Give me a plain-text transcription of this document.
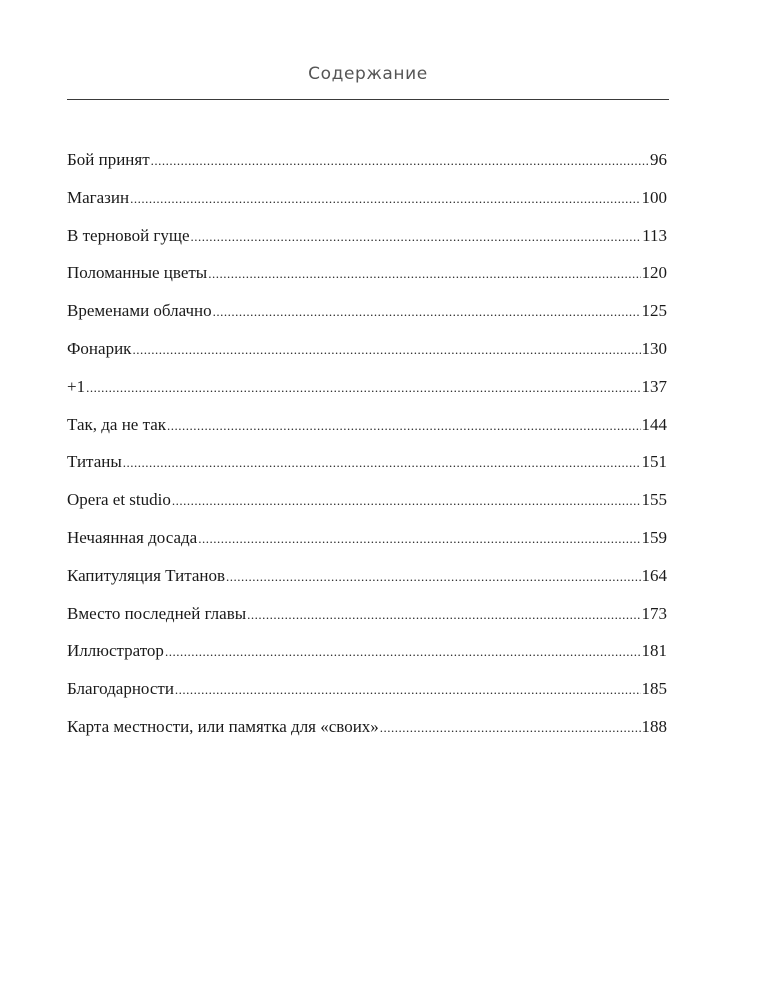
Содержание
Бой принят .....	96
Магазин .....	100
В терновой гуще .....	113
Поломанные цветы .....	120
Временами облачно .....	125
Фонарик .....	130
+1 .....	137
Так, да не так .....	144
Титаны .....	151
Opera et studio .....	155
Нечаянная досада .....	159
Капитуляция Титанов .....	164
Вместо последней главы .....	173
Иллюстратор .....	181
Благодарности .....	185
Карта местности, или памятка для «своих» .....	188
